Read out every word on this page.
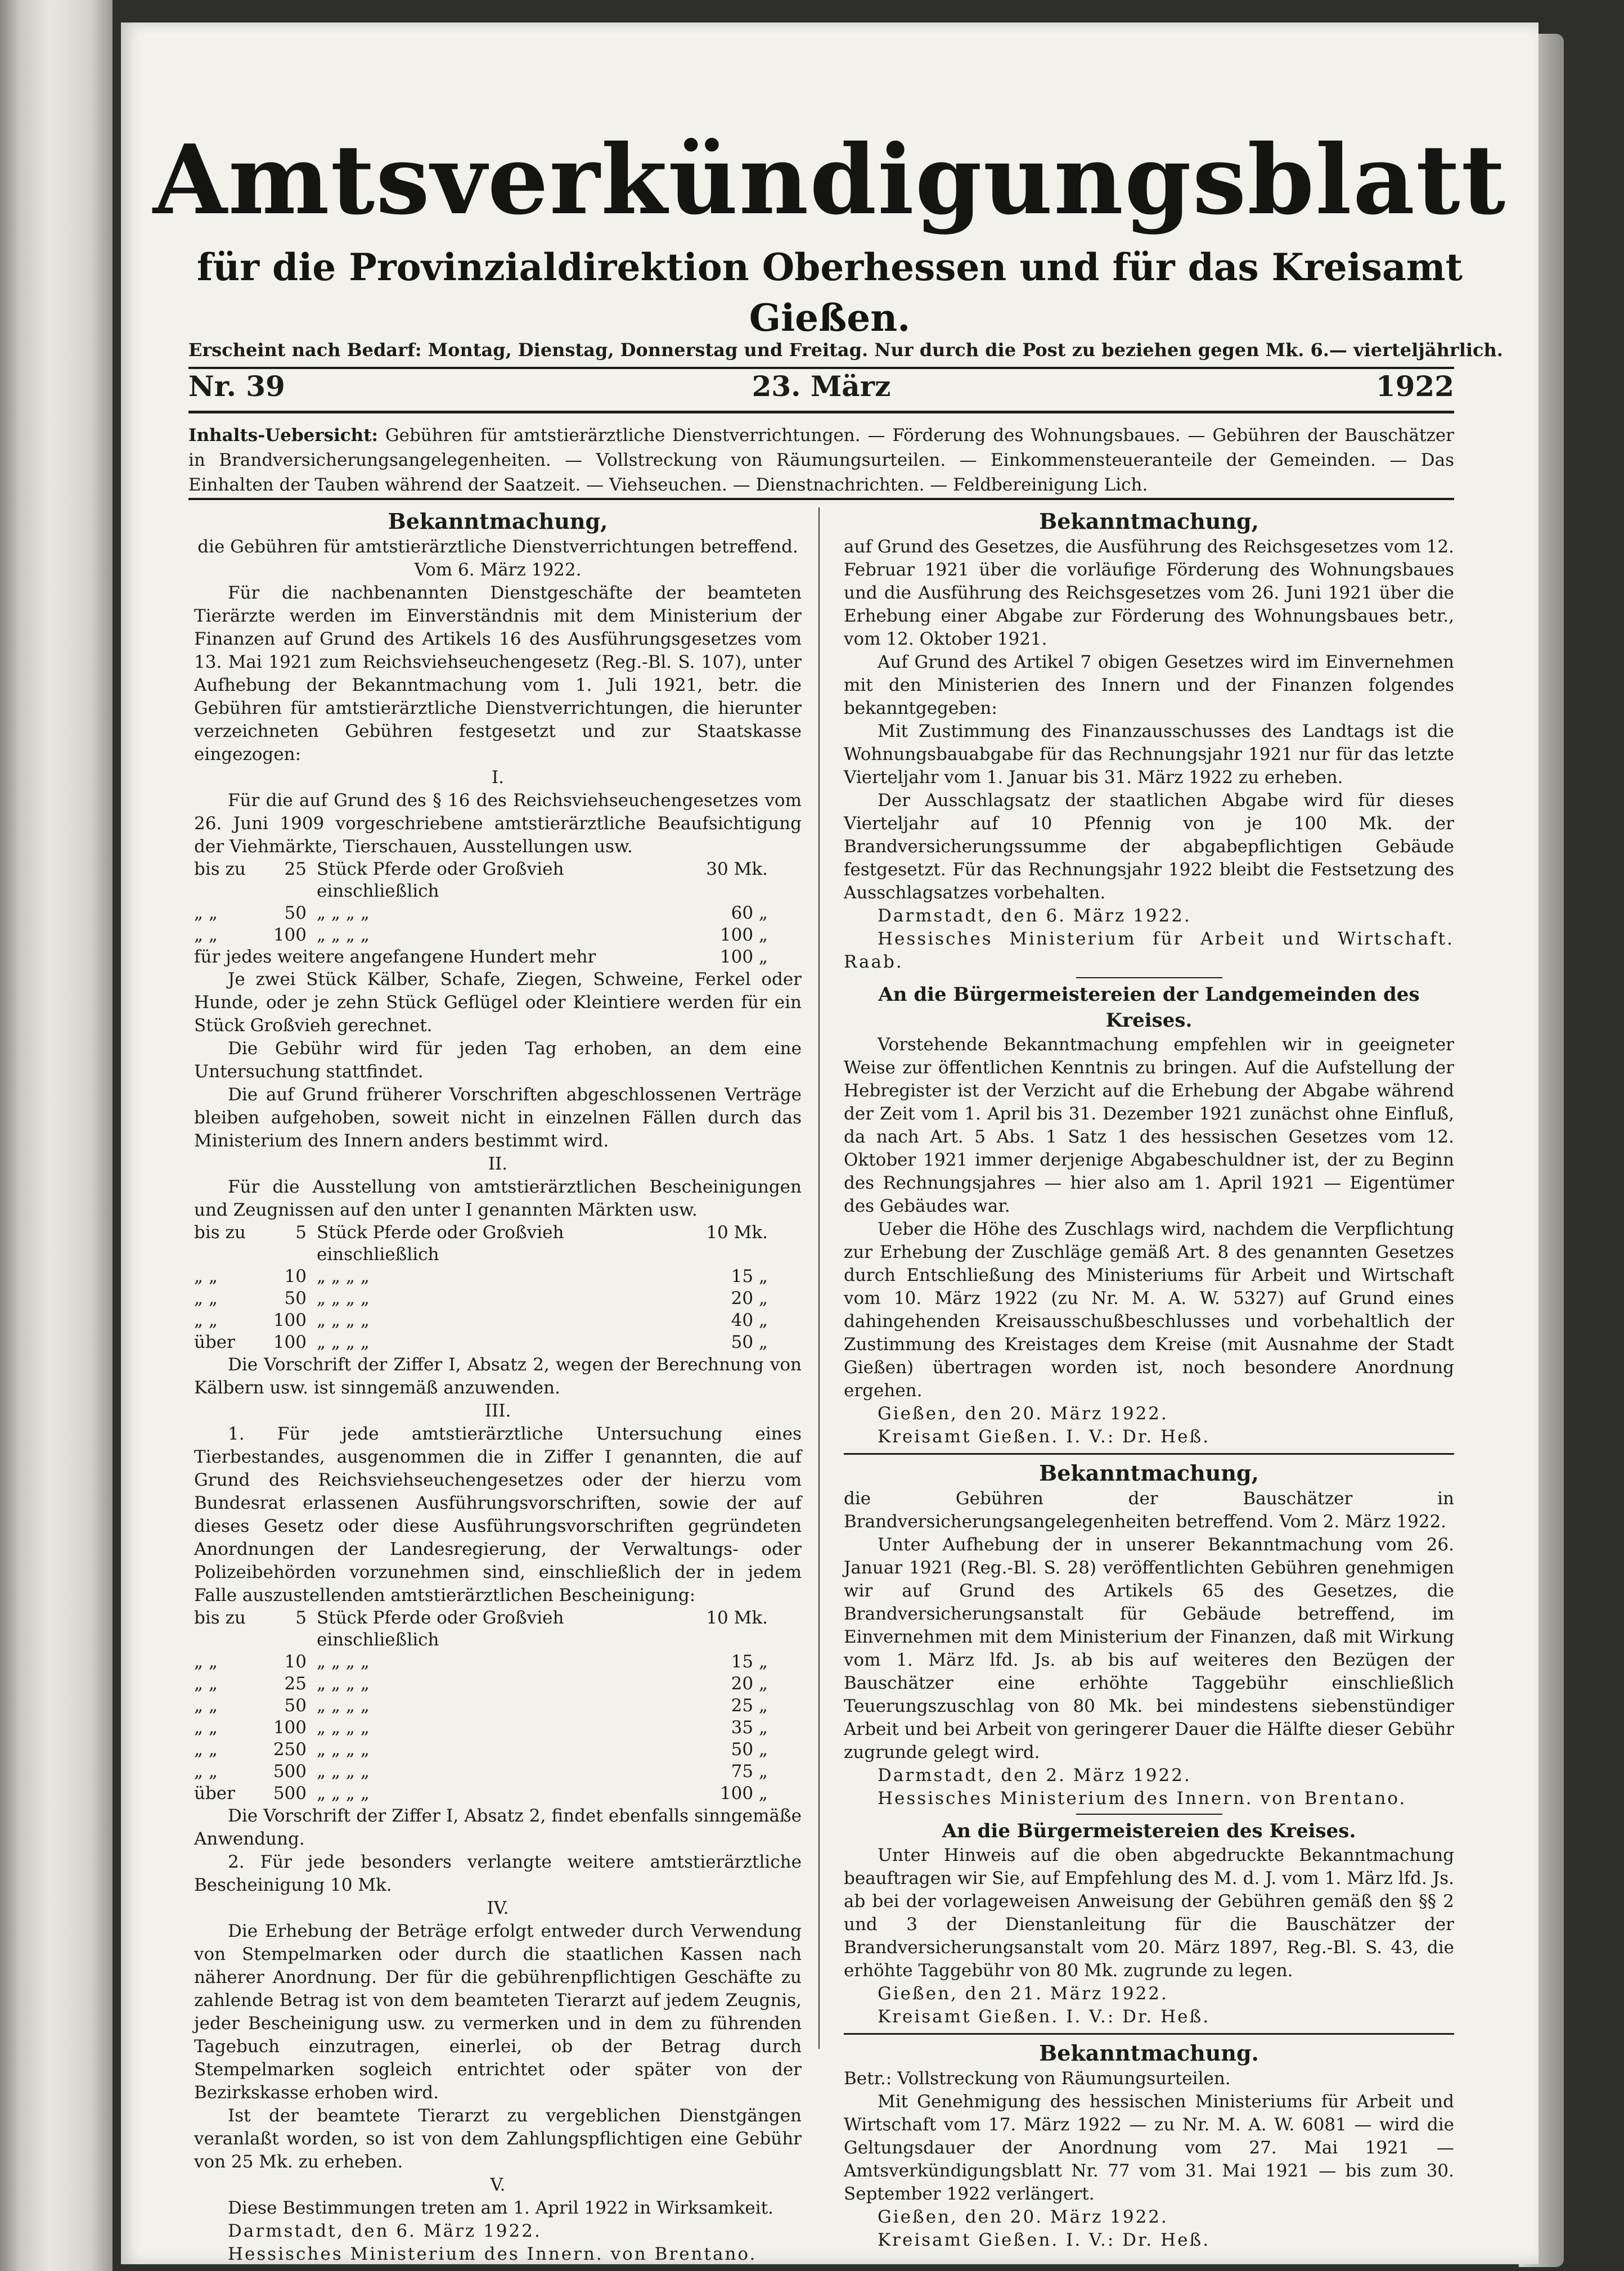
Amtsverkündigungsblatt
für die Provinzialdirektion Oberhessen und für das Kreisamt Gießen.
Erscheint nach Bedarf: Montag, Dienstag, Donnerstag und Freitag. Nur durch die Post zu beziehen gegen Mk. 6.— vierteljährlich.
23. März
Nr. 39	1922
Inhalts-Uebersicht: Gebühren für amtstierärztliche Dienstverrichtungen. — Förderung des Wohnungsbaues. — Gebühren der Bauschätzer in Brandversicherungsangelegenheiten. — Vollstreckung von Räumungsurteilen. — Einkommensteueranteile der Gemeinden. — Das Einhalten der Tauben während der Saatzeit. — Viehseuchen. — Dienstnachrichten. — Feldbereinigung Lich.

Bekanntmachung,

die Gebühren für amtstierärztliche Dienstverrichtungen betreffend.

Vom 6. März 1922.

Für die nachbenannten Dienstgeschäfte der beamteten Tierärzte werden im Einverständnis mit dem Ministerium der Finanzen auf Grund des Artikels 16 des Ausführungsgesetzes vom 13. Mai 1921 zum Reichsviehseuchengesetz (Reg.-Bl. S. 107), unter Aufhebung der Bekanntmachung vom 1. Juli 1921, betr. die Gebühren für amtstierärztliche Dienstverrichtungen, die hierunter verzeichneten Gebühren festgesetzt und zur Staatskasse eingezogen:

I.

Für die auf Grund des § 16 des Reichsviehseuchengesetzes vom 26. Juni 1909 vorgeschriebene amtstierärztliche Beaufsichtigung der Viehmärkte, Tierschauen, Ausstellungen usw.

bis zu	25	Stück Pferde oder Großvieh einschließlich	30 Mk.
„ „	50	„ „ „ „	60 „
„ „	100	„ „ „ „	100 „
für jedes weitere angefangene Hundert mehr			100 „

Je zwei Stück Kälber, Schafe, Ziegen, Schweine, Ferkel oder Hunde, oder je zehn Stück Geflügel oder Kleintiere werden für ein Stück Großvieh gerechnet.

Die Gebühr wird für jeden Tag erhoben, an dem eine Untersuchung stattfindet.

Die auf Grund früherer Vorschriften abgeschlossenen Verträge bleiben aufgehoben, soweit nicht in einzelnen Fällen durch das Ministerium des Innern anders bestimmt wird.

II.

Für die Ausstellung von amtstierärztlichen Bescheinigungen und Zeugnissen auf den unter I genannten Märkten usw.

bis zu	5	Stück Pferde oder Großvieh einschließlich	10 Mk.
„ „	10	„ „ „ „	15 „
„ „	50	„ „ „ „	20 „
„ „	100	„ „ „ „	40 „
über	100	„ „ „ „	50 „

Die Vorschrift der Ziffer I, Absatz 2, wegen der Berechnung von Kälbern usw. ist sinngemäß anzuwenden.

III.

1. Für jede amtstierärztliche Untersuchung eines Tierbestandes, ausgenommen die in Ziffer I genannten, die auf Grund des Reichsviehseuchengesetzes oder der hierzu vom Bundesrat erlassenen Ausführungsvorschriften, sowie der auf dieses Gesetz oder diese Ausführungsvorschriften gegründeten Anordnungen der Landesregierung, der Verwaltungs- oder Polizeibehörden vorzunehmen sind, einschließlich der in jedem Falle auszustellenden amtstierärztlichen Bescheinigung:

bis zu	5	Stück Pferde oder Großvieh einschließlich	10 Mk.
„ „	10	„ „ „ „	15 „
„ „	25	„ „ „ „	20 „
„ „	50	„ „ „ „	25 „
„ „	100	„ „ „ „	35 „
„ „	250	„ „ „ „	50 „
„ „	500	„ „ „ „	75 „
über	500	„ „ „ „	100 „

Die Vorschrift der Ziffer I, Absatz 2, findet ebenfalls sinngemäße Anwendung.

2. Für jede besonders verlangte weitere amtstierärztliche Bescheinigung 10 Mk.

IV.

Die Erhebung der Beträge erfolgt entweder durch Verwendung von Stempelmarken oder durch die staatlichen Kassen nach näherer Anordnung. Der für die gebührenpflichtigen Geschäfte zu zahlende Betrag ist von dem beamteten Tierarzt auf jedem Zeugnis, jeder Bescheinigung usw. zu vermerken und in dem zu führenden Tagebuch einzutragen, einerlei, ob der Betrag durch Stempelmarken sogleich entrichtet oder später von der Bezirkskasse erhoben wird.

Ist der beamtete Tierarzt zu vergeblichen Dienstgängen veranlaßt worden, so ist von dem Zahlungspflichtigen eine Gebühr von 25 Mk. zu erheben.

V.

Diese Bestimmungen treten am 1. April 1922 in Wirksamkeit.

Darmstadt, den 6. März 1922.

Hessisches Ministerium des Innern. von Brentano.

Bekanntmachung,

auf Grund des Gesetzes, die Ausführung des Reichsgesetzes vom 12. Februar 1921 über die vorläufige Förderung des Wohnungsbaues und die Ausführung des Reichsgesetzes vom 26. Juni 1921 über die Erhebung einer Abgabe zur Förderung des Wohnungsbaues betr., vom 12. Oktober 1921.

Auf Grund des Artikel 7 obigen Gesetzes wird im Einvernehmen mit den Ministerien des Innern und der Finanzen folgendes bekanntgegeben:

Mit Zustimmung des Finanzausschusses des Landtags ist die Wohnungsbauabgabe für das Rechnungsjahr 1921 nur für das letzte Vierteljahr vom 1. Januar bis 31. März 1922 zu erheben.

Der Ausschlagsatz der staatlichen Abgabe wird für dieses Vierteljahr auf 10 Pfennig von je 100 Mk. der Brandversicherungssumme der abgabepflichtigen Gebäude festgesetzt. Für das Rechnungsjahr 1922 bleibt die Festsetzung des Ausschlagsatzes vorbehalten.

Darmstadt, den 6. März 1922.

Hessisches Ministerium für Arbeit und Wirtschaft. Raab.

An die Bürgermeistereien der Landgemeinden des Kreises.

Vorstehende Bekanntmachung empfehlen wir in geeigneter Weise zur öffentlichen Kenntnis zu bringen. Auf die Aufstellung der Hebregister ist der Verzicht auf die Erhebung der Abgabe während der Zeit vom 1. April bis 31. Dezember 1921 zunächst ohne Einfluß, da nach Art. 5 Abs. 1 Satz 1 des hessischen Gesetzes vom 12. Oktober 1921 immer derjenige Abgabeschuldner ist, der zu Beginn des Rechnungsjahres — hier also am 1. April 1921 — Eigentümer des Gebäudes war.

Ueber die Höhe des Zuschlags wird, nachdem die Verpflichtung zur Erhebung der Zuschläge gemäß Art. 8 des genannten Gesetzes durch Entschließung des Ministeriums für Arbeit und Wirtschaft vom 10. März 1922 (zu Nr. M. A. W. 5327) auf Grund eines dahingehenden Kreisausschußbeschlusses und vorbehaltlich der Zustimmung des Kreistages dem Kreise (mit Ausnahme der Stadt Gießen) übertragen worden ist, noch besondere Anordnung ergehen.

Gießen, den 20. März 1922.

Kreisamt Gießen. I. V.: Dr. Heß.

Bekanntmachung,

die Gebühren der Bauschätzer in Brandversicherungsangelegenheiten betreffend. Vom 2. März 1922.

Unter Aufhebung der in unserer Bekanntmachung vom 26. Januar 1921 (Reg.-Bl. S. 28) veröffentlichten Gebühren genehmigen wir auf Grund des Artikels 65 des Gesetzes, die Brandversicherungsanstalt für Gebäude betreffend, im Einvernehmen mit dem Ministerium der Finanzen, daß mit Wirkung vom 1. März lfd. Js. ab bis auf weiteres den Bezügen der Bauschätzer eine erhöhte Taggebühr einschließlich Teuerungszuschlag von 80 Mk. bei mindestens siebenstündiger Arbeit und bei Arbeit von geringerer Dauer die Hälfte dieser Gebühr zugrunde gelegt wird.

Darmstadt, den 2. März 1922.

Hessisches Ministerium des Innern. von Brentano.

An die Bürgermeistereien des Kreises.

Unter Hinweis auf die oben abgedruckte Bekanntmachung beauftragen wir Sie, auf Empfehlung des M. d. J. vom 1. März lfd. Js. ab bei der vorlageweisen Anweisung der Gebühren gemäß den §§ 2 und 3 der Dienstanleitung für die Bauschätzer der Brandversicherungsanstalt vom 20. März 1897, Reg.-Bl. S. 43, die erhöhte Taggebühr von 80 Mk. zugrunde zu legen.

Gießen, den 21. März 1922.

Kreisamt Gießen. I. V.: Dr. Heß.

Bekanntmachung.

Betr.: Vollstreckung von Räumungsurteilen.

Mit Genehmigung des hessischen Ministeriums für Arbeit und Wirtschaft vom 17. März 1922 — zu Nr. M. A. W. 6081 — wird die Geltungsdauer der Anordnung vom 27. Mai 1921 — Amtsverkündigungsblatt Nr. 77 vom 31. Mai 1921 — bis zum 30. September 1922 verlängert.

Gießen, den 20. März 1922.

Kreisamt Gießen. I. V.: Dr. Heß.
